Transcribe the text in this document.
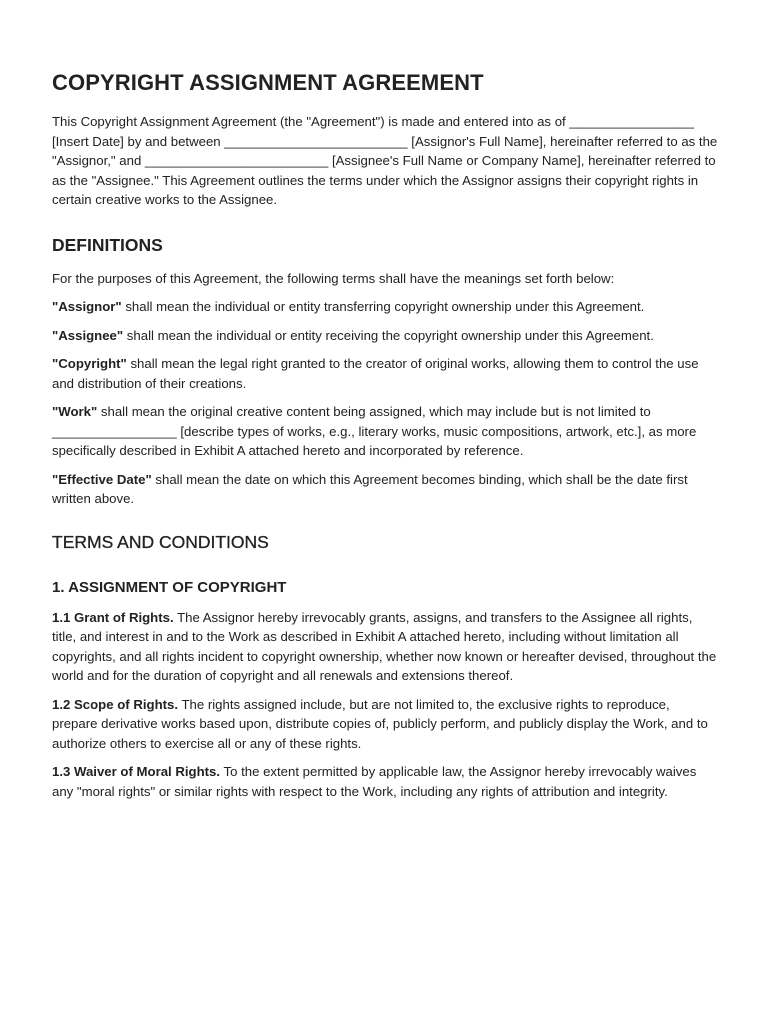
COPYRIGHT ASSIGNMENT AGREEMENT

This Copyright Assignment Agreement (the "Agreement") is made and entered into as of _________________ [Insert Date] by and between _________________________ [Assignor's Full Name], hereinafter referred to as the "Assignor," and _________________________ [Assignee's Full Name or Company Name], hereinafter referred to as the "Assignee." This Agreement outlines the terms under which the Assignor assigns their copyright rights in certain creative works to the Assignee.

DEFINITIONS

For the purposes of this Agreement, the following terms shall have the meanings set forth below:

"Assignor" shall mean the individual or entity transferring copyright ownership under this Agreement.

"Assignee" shall mean the individual or entity receiving the copyright ownership under this Agreement.

"Copyright" shall mean the legal right granted to the creator of original works, allowing them to control the use and distribution of their creations.

"Work" shall mean the original creative content being assigned, which may include but is not limited to _________________ [describe types of works, e.g., literary works, music compositions, artwork, etc.], as more specifically described in Exhibit A attached hereto and incorporated by reference.

"Effective Date" shall mean the date on which this Agreement becomes binding, which shall be the date first written above.

TERMS AND CONDITIONS
1. ASSIGNMENT OF COPYRIGHT

1.1 Grant of Rights. The Assignor hereby irrevocably grants, assigns, and transfers to the Assignee all rights, title, and interest in and to the Work as described in Exhibit A attached hereto, including without limitation all copyrights, and all rights incident to copyright ownership, whether now known or hereafter devised, throughout the world and for the duration of copyright and all renewals and extensions thereof.

1.2 Scope of Rights. The rights assigned include, but are not limited to, the exclusive rights to reproduce, prepare derivative works based upon, distribute copies of, publicly perform, and publicly display the Work, and to authorize others to exercise all or any of these rights.

1.3 Waiver of Moral Rights. To the extent permitted by applicable law, the Assignor hereby irrevocably waives any "moral rights" or similar rights with respect to the Work, including any rights of attribution and integrity.
